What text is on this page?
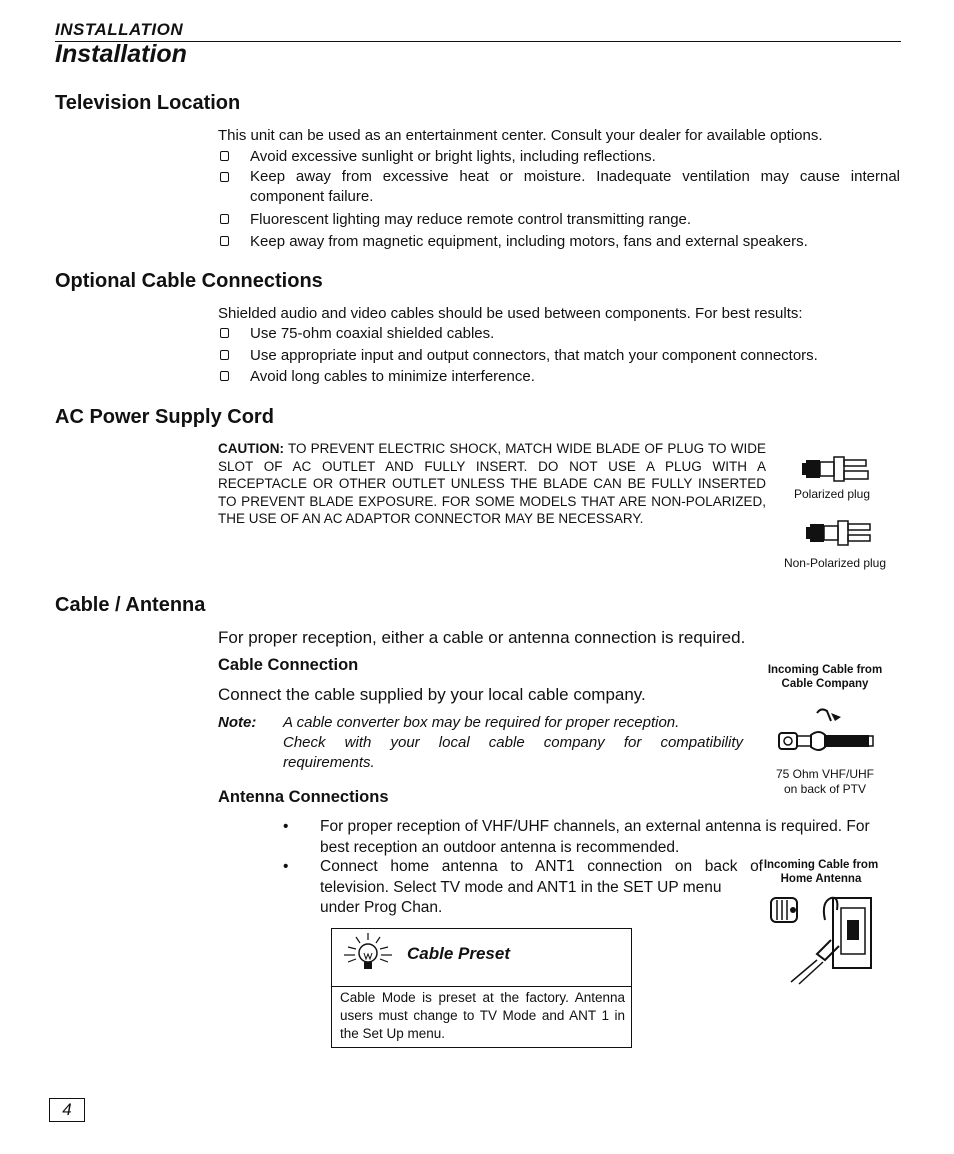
INSTALLATION
Installation
Television Location
This unit can be used as an entertainment center. Consult your dealer for available options.
Avoid excessive sunlight or bright lights, including reflections.
Keep away from excessive heat or moisture. Inadequate ventilation may cause internal component failure.
Fluorescent lighting may reduce remote control transmitting range.
Keep away from magnetic equipment, including motors, fans and external speakers.
Optional Cable Connections
Shielded audio and video cables should be used between components. For best results:
Use 75-ohm coaxial shielded cables.
Use appropriate input and output connectors, that match your component connectors.
Avoid long cables to minimize interference.
AC Power Supply Cord
CAUTION: TO PREVENT ELECTRIC SHOCK, MATCH WIDE BLADE OF PLUG TO WIDE SLOT OF AC OUTLET AND FULLY INSERT. DO NOT USE A PLUG WITH A RECEPTACLE OR OTHER OUTLET UNLESS THE BLADE CAN BE FULLY INSERTED TO PREVENT BLADE EXPOSURE. FOR SOME MODELS THAT ARE NON-POLARIZED, THE USE OF AN AC ADAPTOR CONNECTOR MAY BE NECESSARY.
Polarized plug
Non-Polarized plug
Cable / Antenna
For proper reception, either a cable or antenna connection is required.
Cable Connection
Connect the cable supplied by your local cable company.
Note: A cable converter box may be required for proper reception.
Check with your local cable company for compatibility
requirements.
Antenna Connections
Incoming Cable from
Cable Company
75 Ohm VHF/UHF
on back of PTV
• For proper reception of VHF/UHF channels, an external antenna is required. For
best reception an outdoor antenna is recommended.
• Connect home antenna to ANT1 connection on back of
television. Select TV mode and ANT1 in the SET UP menu
under Prog Chan.
Incoming Cable from
Home Antenna
Cable Preset
Cable Mode is preset at the factory. Antenna users must change to TV Mode and ANT 1 in the Set Up menu.
4
